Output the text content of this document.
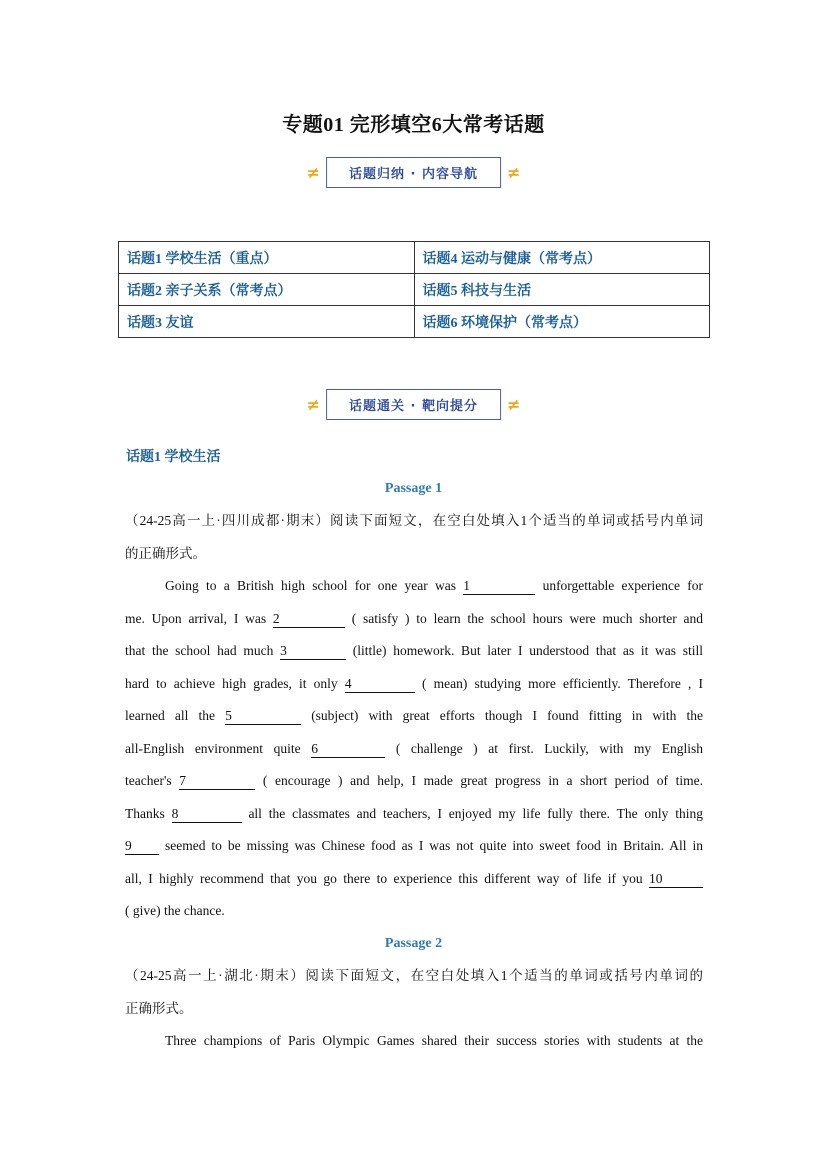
专题01 完形填空6大常考话题
≠	话题归纳 · 内容导航	≠
话题1 学校生活（重点）	话题4 运动与健康（常考点）
话题2 亲子关系（常考点）	话题5 科技与生活
话题3 友谊	话题6 环境保护（常考点）
≠	话题通关 · 靶向提分	≠
话题1 学校生活
Passage 1
（24-25高一上·四川成都·期末）阅读下面短文，在空白处填入1个适当的单词或括号内单词
的正确形式。
Going to a British high school for one year was 1	unforgettable experience for
me. Upon arrival, I was 2	( satisfy ) to learn the school hours were much shorter and
that the school had much 3	(little) homework. But later I understood that as it was still
hard to achieve high grades, it only 4	( mean) studying more efficiently. Therefore , I
learned all the 5	(subject) with great efforts though I found fitting in with the
all-English environment quite 6	( challenge ) at first. Luckily, with my English
teacher's 7	( encourage ) and help, I made great progress in a short period of time.
Thanks 8	all the classmates and teachers, I enjoyed my life fully there. The only thing
9 seemed to be missing was Chinese food as I was not quite into sweet food in Britain. All in
all, I highly recommend that you go there to experience this different way of life if you 10
( give) the chance.
Passage 2
（24-25高一上·湖北·期末）阅读下面短文，在空白处填入1个适当的单词或括号内单词的
正确形式。
Three champions of Paris Olympic Games shared their success stories with students at the
